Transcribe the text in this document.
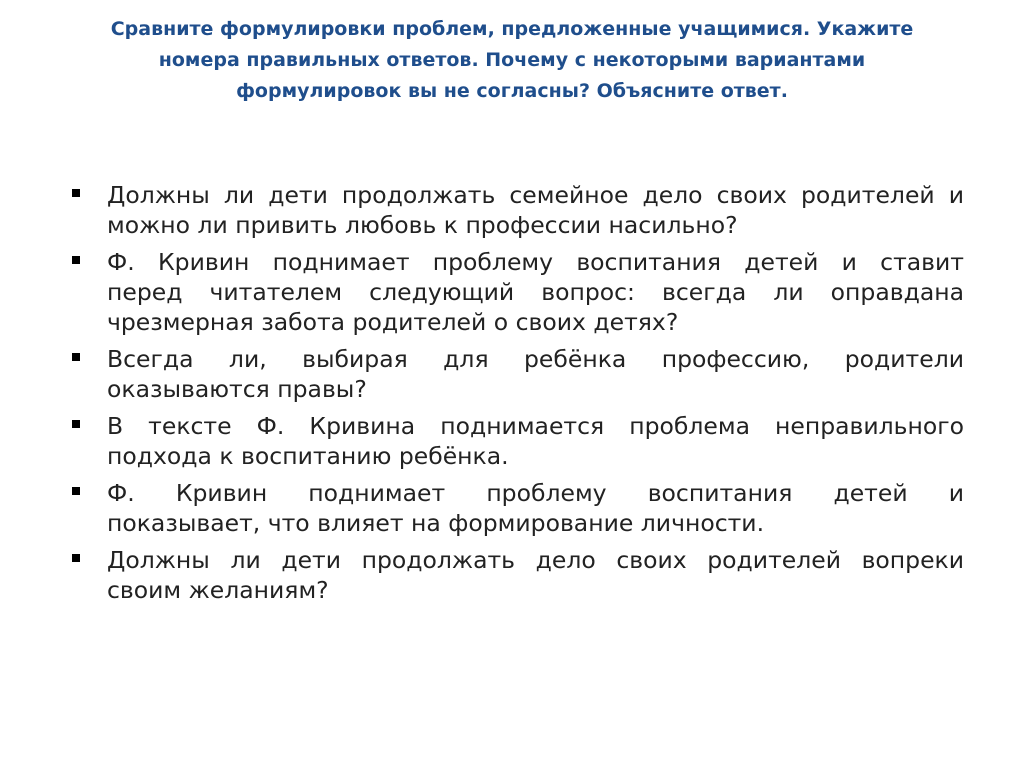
Сравните формулировки проблем, предложенные учащимися. Укажите
номера правильных ответов. Почему с некоторыми вариантами
формулировок вы не согласны? Объясните ответ.
Должны ли дети продолжать семейное дело своих родителей и
можно ли привить любовь к профессии насильно?
Ф. Кривин поднимает проблему воспитания детей и ставит
перед читателем следующий вопрос: всегда ли оправдана
чрезмерная забота родителей о своих детях?
Всегда ли, выбирая для ребёнка профессию, родители
оказываются правы?
В тексте Ф. Кривина поднимается проблема неправильного
подхода к воспитанию ребёнка.
Ф. Кривин поднимает проблему воспитания детей и
показывает, что влияет на формирование личности.
Должны ли дети продолжать дело своих родителей вопреки
своим желаниям?
